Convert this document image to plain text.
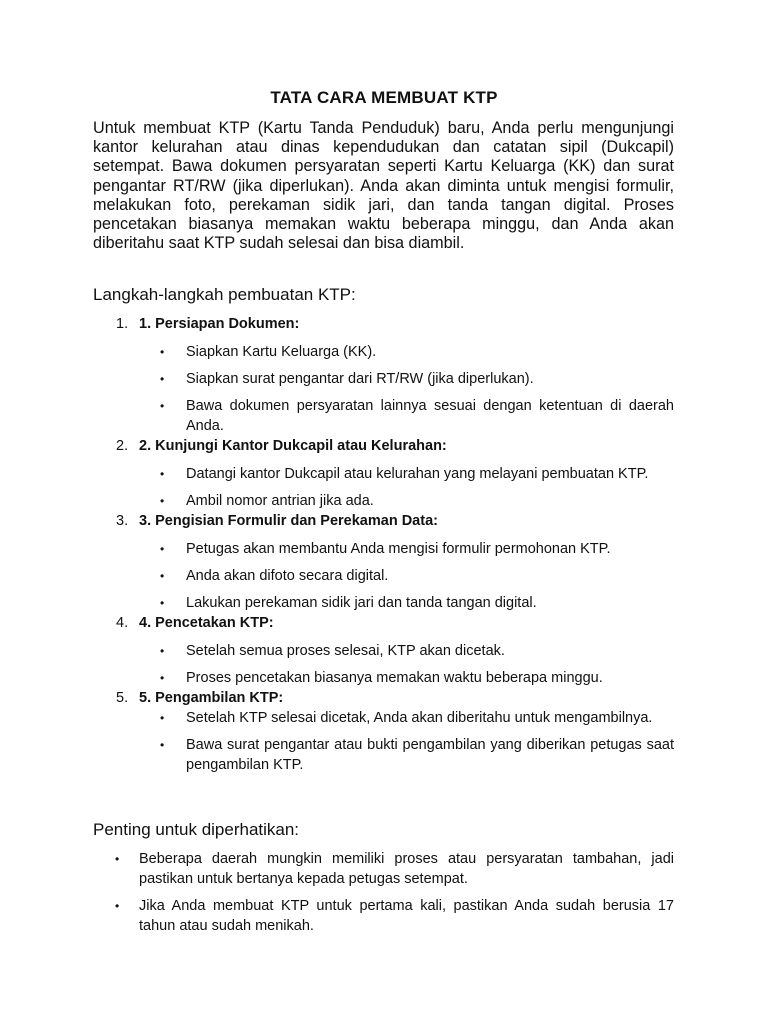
TATA CARA MEMBUAT KTP

Untuk membuat KTP (Kartu Tanda Penduduk) baru, Anda perlu mengunjungi kantor kelurahan atau dinas kependudukan dan catatan sipil (Dukcapil) setempat. Bawa dokumen persyaratan seperti Kartu Keluarga (KK) dan surat pengantar RT/RW (jika diperlukan). Anda akan diminta untuk mengisi formulir, melakukan foto, perekaman sidik jari, dan tanda tangan digital. Proses pencetakan biasanya memakan waktu beberapa minggu, dan Anda akan diberitahu saat KTP sudah selesai dan bisa diambil.

Langkah-langkah pembuatan KTP:
1. 1. Persiapan Dokumen:
• Siapkan Kartu Keluarga (KK).
• Siapkan surat pengantar dari RT/RW (jika diperlukan).
• Bawa dokumen persyaratan lainnya sesuai dengan ketentuan di daerah Anda.
2. 2. Kunjungi Kantor Dukcapil atau Kelurahan:
• Datangi kantor Dukcapil atau kelurahan yang melayani pembuatan KTP.
• Ambil nomor antrian jika ada.
3. 3. Pengisian Formulir dan Perekaman Data:
• Petugas akan membantu Anda mengisi formulir permohonan KTP.
• Anda akan difoto secara digital.
• Lakukan perekaman sidik jari dan tanda tangan digital.
4. 4. Pencetakan KTP:
• Setelah semua proses selesai, KTP akan dicetak.
• Proses pencetakan biasanya memakan waktu beberapa minggu.
5. 5. Pengambilan KTP:
• Setelah KTP selesai dicetak, Anda akan diberitahu untuk mengambilnya.
• Bawa surat pengantar atau bukti pengambilan yang diberikan petugas saat pengambilan KTP.
Penting untuk diperhatikan:
• Beberapa daerah mungkin memiliki proses atau persyaratan tambahan, jadi pastikan untuk bertanya kepada petugas setempat.
• Jika Anda membuat KTP untuk pertama kali, pastikan Anda sudah berusia 17 tahun atau sudah menikah.
